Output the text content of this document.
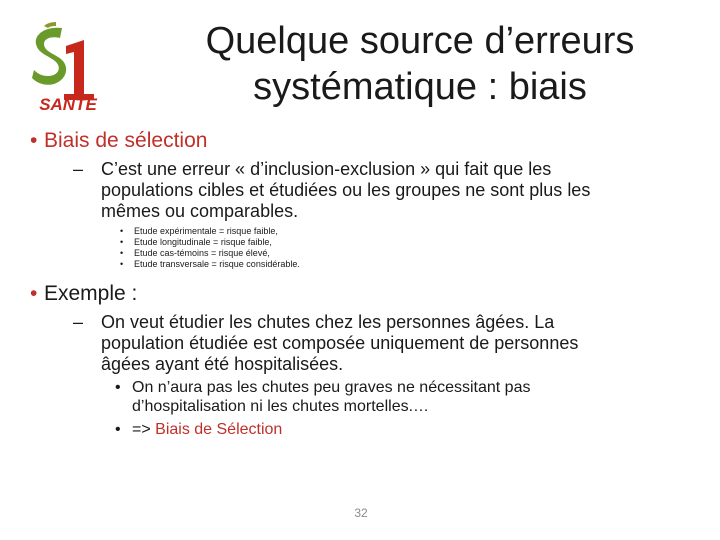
SANTE
Quelque source d’erreurs
systématique : biais
• Biais de sélection
– C’est une erreur « d’inclusion-exclusion » qui fait que les
populations cibles et étudiées ou les groupes ne sont plus les
mêmes ou comparables.
• Etude expérimentale = risque faible,
• Etude longitudinale = risque faible,
• Etude cas-témoins = risque élevé,
• Etude transversale = risque considérable.
• Exemple :
– On veut étudier les chutes chez les personnes âgées. La
population étudiée est composée uniquement de personnes
âgées ayant été hospitalisées.
• On n’aura pas les chutes peu graves ne nécessitant pas
d’hospitalisation ni les chutes mortelles.…
• => Biais de Sélection
32
